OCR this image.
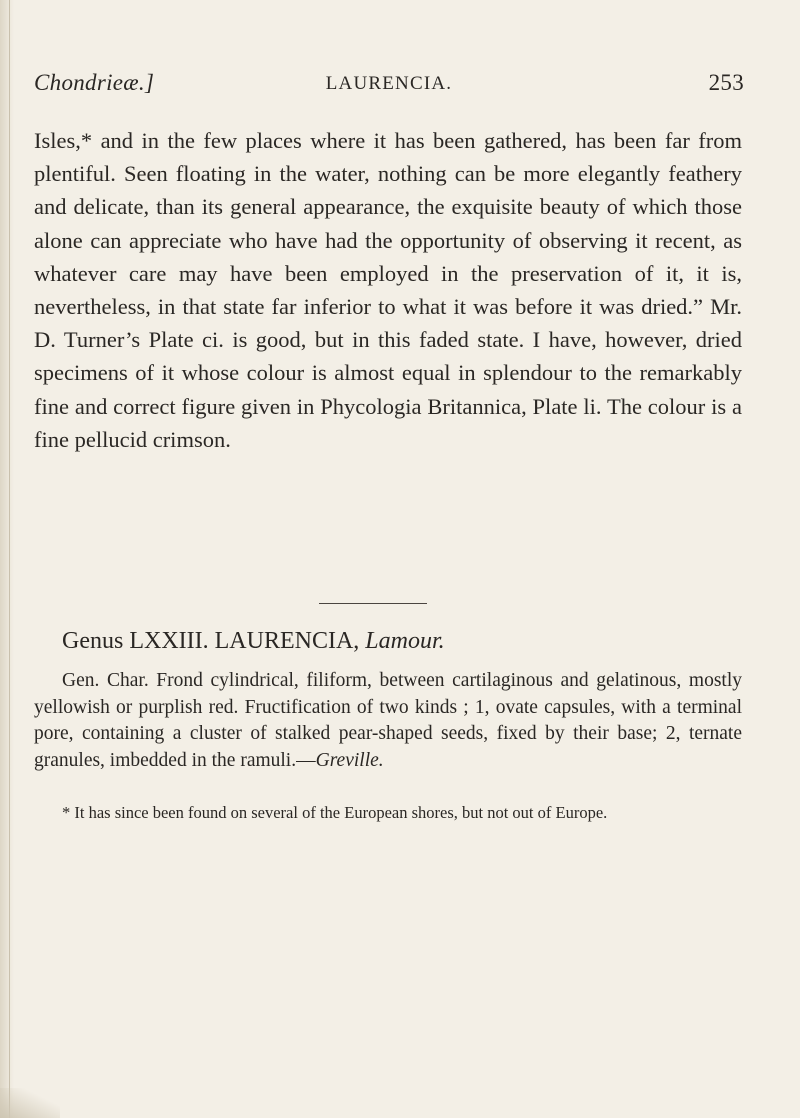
Chondrieæ.]	LAURENCIA.	253

Isles,* and in the few places where it has been gathered, has been far from plentiful. Seen floating in the water, nothing can be more elegantly feathery and delicate, than its general appearance, the exquisite beauty of which those alone can appreciate who have had the opportunity of observing it recent, as whatever care may have been employed in the preservation of it, it is, nevertheless, in that state far inferior to what it was before it was dried.” Mr. D. Turner’s Plate ci. is good, but in this faded state. I have, however, dried specimens of it whose colour is almost equal in splendour to the remarkably fine and correct figure given in Phycologia Britannica, Plate li. The colour is a fine pellucid crimson.

Genus LXXIII. LAURENCIA, Lamour.

Gen. Char. Frond cylindrical, filiform, between cartilaginous and gelatinous, mostly yellowish or purplish red. Fructification of two kinds ; 1, ovate capsules, with a terminal pore, containing a cluster of stalked pear-shaped seeds, fixed by their base; 2, ternate granules, imbedded in the ramuli.—Greville.

* It has since been found on several of the European shores, but not out of Europe.
